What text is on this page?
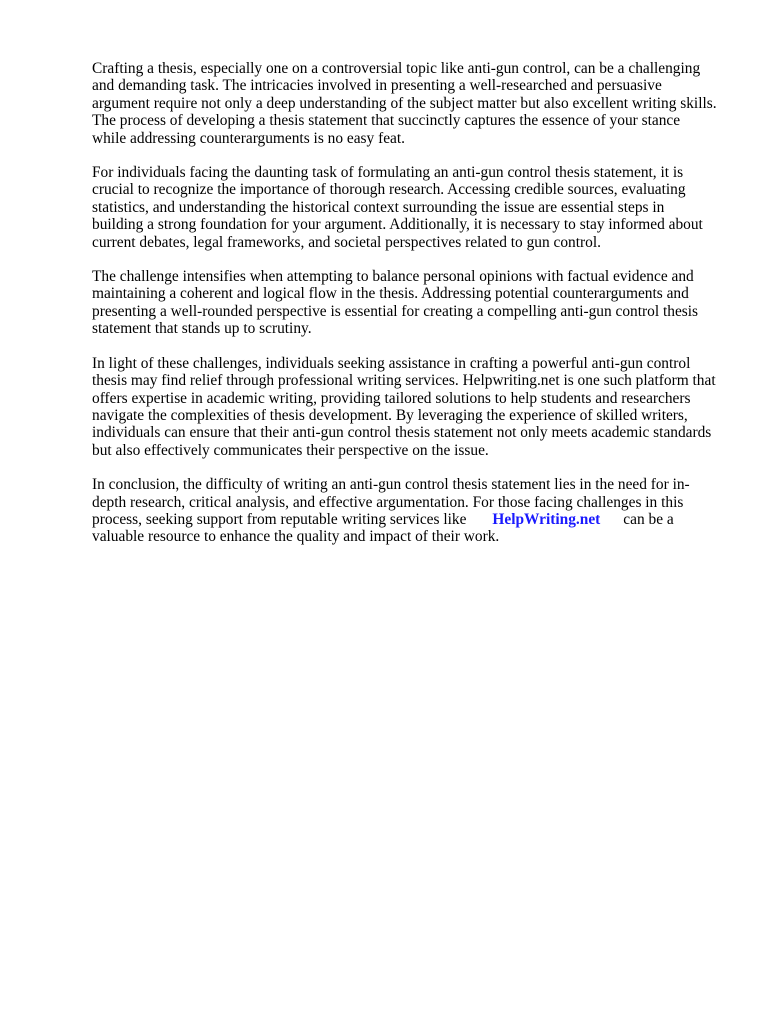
Crafting a thesis, especially one on a controversial topic like anti-gun control, can be a challenging

and demanding task. The intricacies involved in presenting a well-researched and persuasive

argument require not only a deep understanding of the subject matter but also excellent writing skills.

The process of developing a thesis statement that succinctly captures the essence of your stance

while addressing counterarguments is no easy feat.

For individuals facing the daunting task of formulating an anti-gun control thesis statement, it is

crucial to recognize the importance of thorough research. Accessing credible sources, evaluating

statistics, and understanding the historical context surrounding the issue are essential steps in

building a strong foundation for your argument. Additionally, it is necessary to stay informed about

current debates, legal frameworks, and societal perspectives related to gun control.

The challenge intensifies when attempting to balance personal opinions with factual evidence and

maintaining a coherent and logical flow in the thesis. Addressing potential counterarguments and

presenting a well-rounded perspective is essential for creating a compelling anti-gun control thesis

statement that stands up to scrutiny.

In light of these challenges, individuals seeking assistance in crafting a powerful anti-gun control

thesis may find relief through professional writing services. Helpwriting.net is one such platform that

offers expertise in academic writing, providing tailored solutions to help students and researchers

navigate the complexities of thesis development. By leveraging the experience of skilled writers,

individuals can ensure that their anti-gun control thesis statement not only meets academic standards

but also effectively communicates their perspective on the issue.

In conclusion, the difficulty of writing an anti-gun control thesis statement lies in the need for in-

depth research, critical analysis, and effective argumentation. For those facing challenges in this

process, seeking support from reputable writing services like HelpWriting.net can be a

valuable resource to enhance the quality and impact of their work.
